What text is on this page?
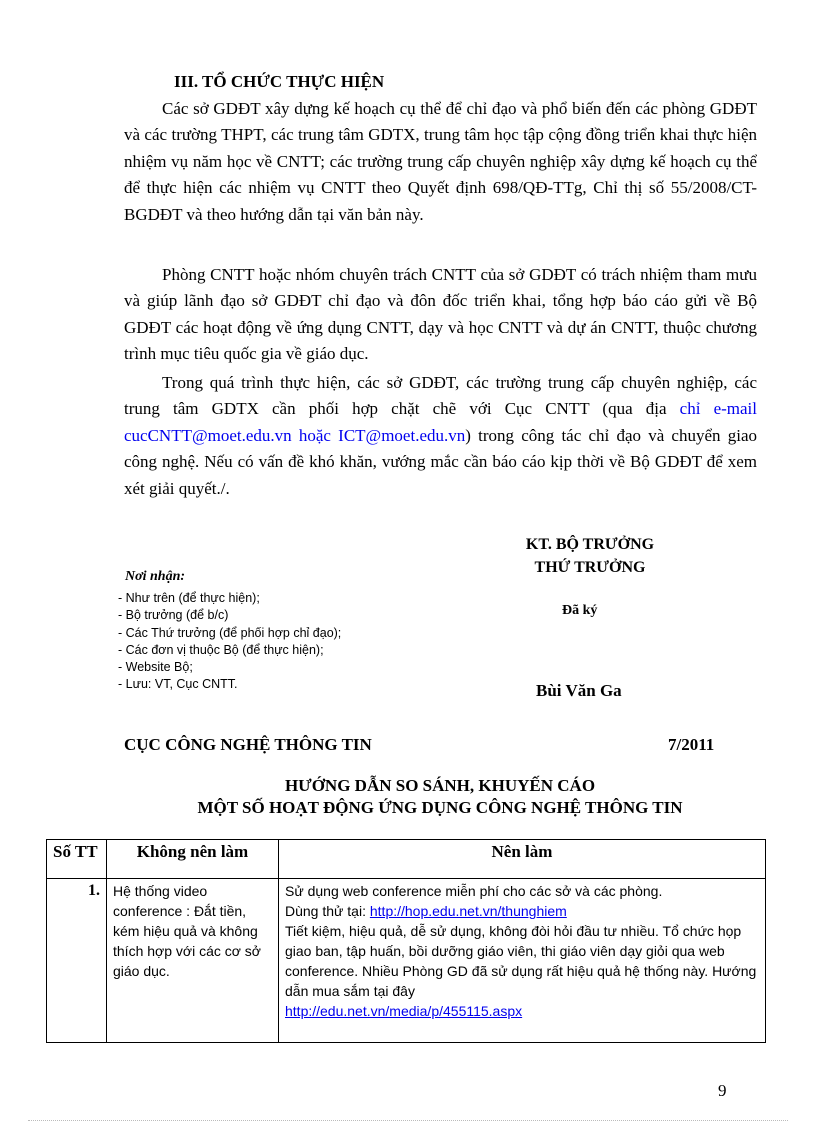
III. TỔ CHỨC THỰC HIỆN
Các sở GDĐT xây dựng kế hoạch cụ thể để chỉ đạo và phổ biến đến các phòng GDĐT và các trường THPT, các trung tâm GDTX, trung tâm học tập cộng đồng triển khai thực hiện nhiệm vụ năm học về CNTT; các trường trung cấp chuyên nghiệp xây dựng kế hoạch cụ thể để thực hiện các nhiệm vụ CNTT theo Quyết định 698/QĐ-TTg, Chỉ thị số 55/2008/CT-BGDĐT và theo hướng dẫn tại văn bản này.
Phòng CNTT hoặc nhóm chuyên trách CNTT của sở GDĐT có trách nhiệm tham mưu và giúp lãnh đạo sở GDĐT chỉ đạo và đôn đốc triển khai, tổng hợp báo cáo gửi về Bộ GDĐT các hoạt động về ứng dụng CNTT, dạy và học CNTT và dự án CNTT, thuộc chương trình mục tiêu quốc gia về giáo dục.
Trong quá trình thực hiện, các sở GDĐT, các trường trung cấp chuyên nghiệp, các trung tâm GDTX cần phối hợp chặt chẽ với Cục CNTT (qua địa chỉ e-mail cucCNTT@moet.edu.vn hoặc ICT@moet.edu.vn) trong công tác chỉ đạo và chuyển giao công nghệ. Nếu có vấn đề khó khăn, vướng mắc cần báo cáo kịp thời về Bộ GDĐT để xem xét giải quyết./.
KT. BỘ TRƯỞNG
THỨ TRƯỞNG
Đã ký
Bùi Văn Ga
Nơi nhận:
- Như trên (để thực hiện);
- Bộ trưởng (để b/c)
- Các Thứ trưởng (để phối hợp chỉ đạo);
- Các đơn vị thuộc Bộ (để thực hiện);
- Website Bộ;
- Lưu: VT, Cục CNTT.
CỤC CÔNG NGHỆ THÔNG TIN	7/2011
HƯỚNG DẪN SO SÁNH, KHUYẾN CÁO
MỘT SỐ HOẠT ĐỘNG ỨNG DỤNG CÔNG NGHỆ THÔNG TIN
Số TT	Không nên làm	Nên làm
1.	Hệ thống video conference : Đắt tiền, kém hiệu quả và không thích hợp với các cơ sở giáo dục.	Sử dụng web conference miễn phí cho các sở và các phòng.
Dùng thử tại: http://hop.edu.net.vn/thunghiem
Tiết kiệm, hiệu quả, dễ sử dụng, không đòi hỏi đầu tư nhiều. Tổ chức họp giao ban, tập huấn, bồi dưỡng giáo viên, thi giáo viên dạy giỏi qua web conference. Nhiều Phòng GD đã sử dụng rất hiệu quả hệ thống này. Hướng dẫn mua sắm tại đây
http://edu.net.vn/media/p/455115.aspx
9
